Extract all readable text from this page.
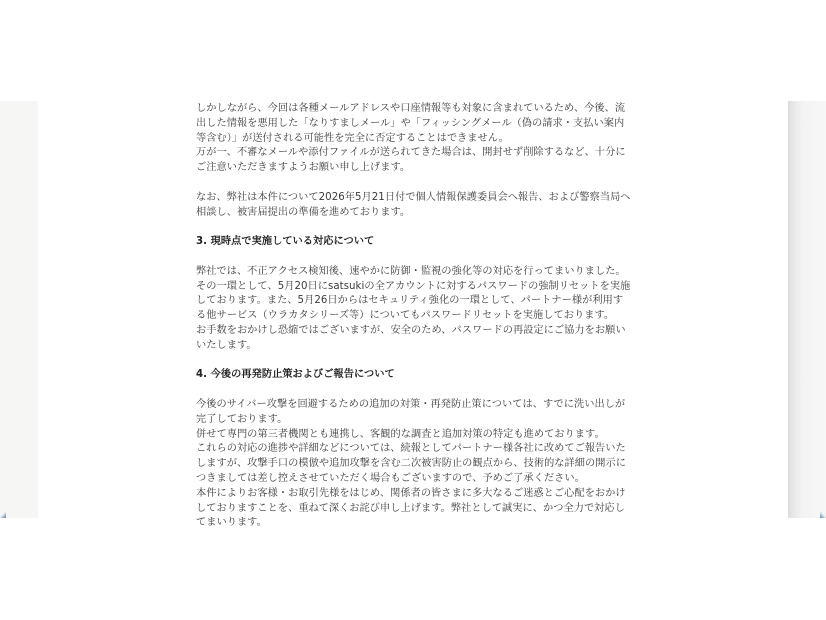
しかしながら、今回は各種メールアドレスや口座情報等も対象に含まれているため、今後、流出した情報を悪用した「なりすましメール」や「フィッシングメール（偽の請求・支払い案内等含む）」が送付される可能性を完全に否定することはできません。

万が一、不審なメールや添付ファイルが送られてきた場合は、開封せず削除するなど、十分にご注意いただきますようお願い申し上げます。

なお、弊社は本件について2026年5月21日付で個人情報保護委員会へ報告、および警察当局へ相談し、被害届提出の準備を進めております。

3. 現時点で実施している対応について

弊社では、不正アクセス検知後、速やかに防御・監視の強化等の対応を行ってまいりました。

その一環として、5月20日にsatsukiの全アカウントに対するパスワードの強制リセットを実施しております。また、5月26日からはセキュリティ強化の一環として、パートナー様が利用する他サービス（ウラカタシリーズ等）についてもパスワードリセットを実施しております。

お手数をおかけし恐縮ではございますが、安全のため、パスワードの再設定にご協力をお願いいたします。

4. 今後の再発防止策およびご報告について

今後のサイバー攻撃を回避するための追加の対策・再発防止策については、すでに洗い出しが完了しております。

併せて専門の第三者機関とも連携し、客観的な調査と追加対策の特定も進めております。

これらの対応の進捗や詳細などについては、続報としてパートナー様各社に改めてご報告いたしますが、攻撃手口の模倣や追加攻撃を含む二次被害防止の観点から、技術的な詳細の開示につきましては差し控えさせていただく場合もございますので、予めご了承ください。

本件によりお客様・お取引先様をはじめ、関係者の皆さまに多大なるご迷惑とご心配をおかけしておりますことを、重ねて深くお詫び申し上げます。弊社として誠実に、かつ全力で対応してまいります。
